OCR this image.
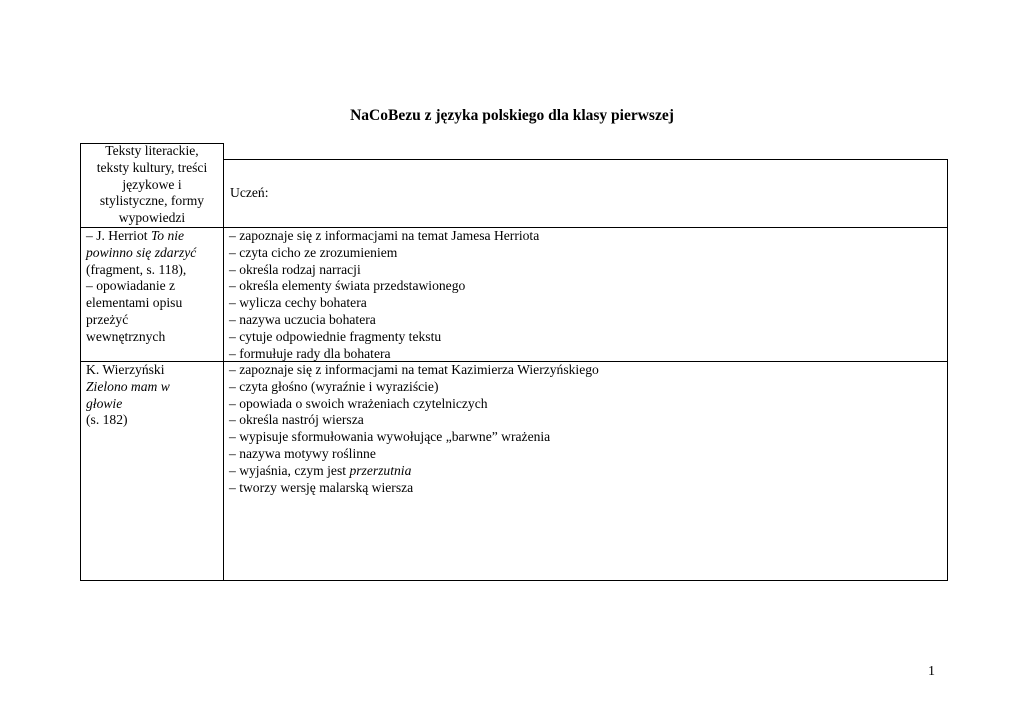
NaCoBezu z języka polskiego dla klasy pierwszej
Teksty literackie,
teksty kultury, treści
językowe i
stylistyczne, formy
wypowiedzi
Uczeń:
– J. Herriot To nie
powinno się zdarzyć
(fragment, s. 118),
– opowiadanie z
elementami opisu
przeżyć
wewnętrznych
– zapoznaje się z informacjami na temat Jamesa Herriota
– czyta cicho ze zrozumieniem
– określa rodzaj narracji
– określa elementy świata przedstawionego
– wylicza cechy bohatera
– nazywa uczucia bohatera
– cytuje odpowiednie fragmenty tekstu
– formułuje rady dla bohatera
K. Wierzyński
Zielono mam w
głowie
(s. 182)
– zapoznaje się z informacjami na temat Kazimierza Wierzyńskiego
– czyta głośno (wyraźnie i wyraziście)
– opowiada o swoich wrażeniach czytelniczych
– określa nastrój wiersza
– wypisuje sformułowania wywołujące „barwne” wrażenia
– nazywa motywy roślinne
– wyjaśnia, czym jest przerzutnia
– tworzy wersję malarską wiersza
1
